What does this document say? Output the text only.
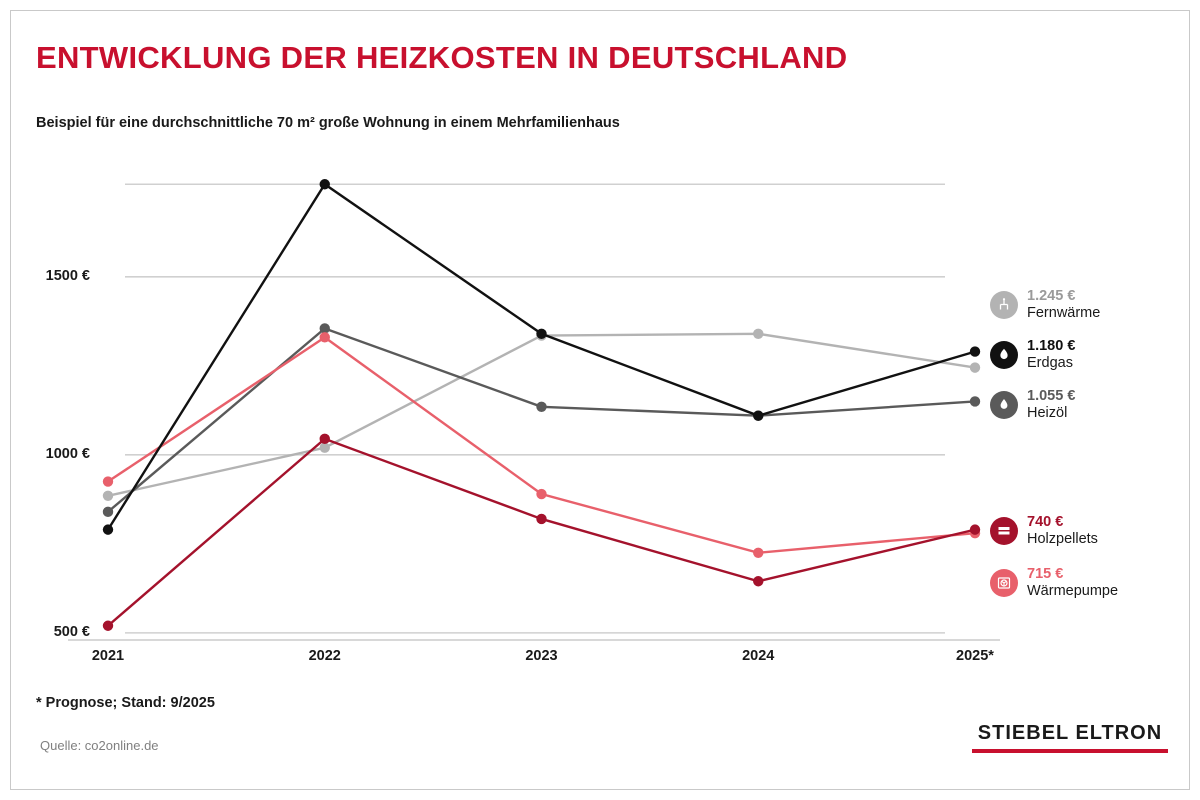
ENTWICKLUNG DER HEIZKOSTEN IN DEUTSCHLAND
Beispiel für eine durchschnittliche 70 m² große Wohnung in einem Mehrfamilienhaus
500 €
1000 €
1500 €
2021	2022	2023	2024	2025*
1.245 €
Fernwärme
1.180 €
Erdgas
1.055 €
Heizöl
740 €
Holzpellets
715 €
Wärmepumpe
* Prognose; Stand: 9/2025
Quelle: co2online.de
STIEBEL ELTRON
